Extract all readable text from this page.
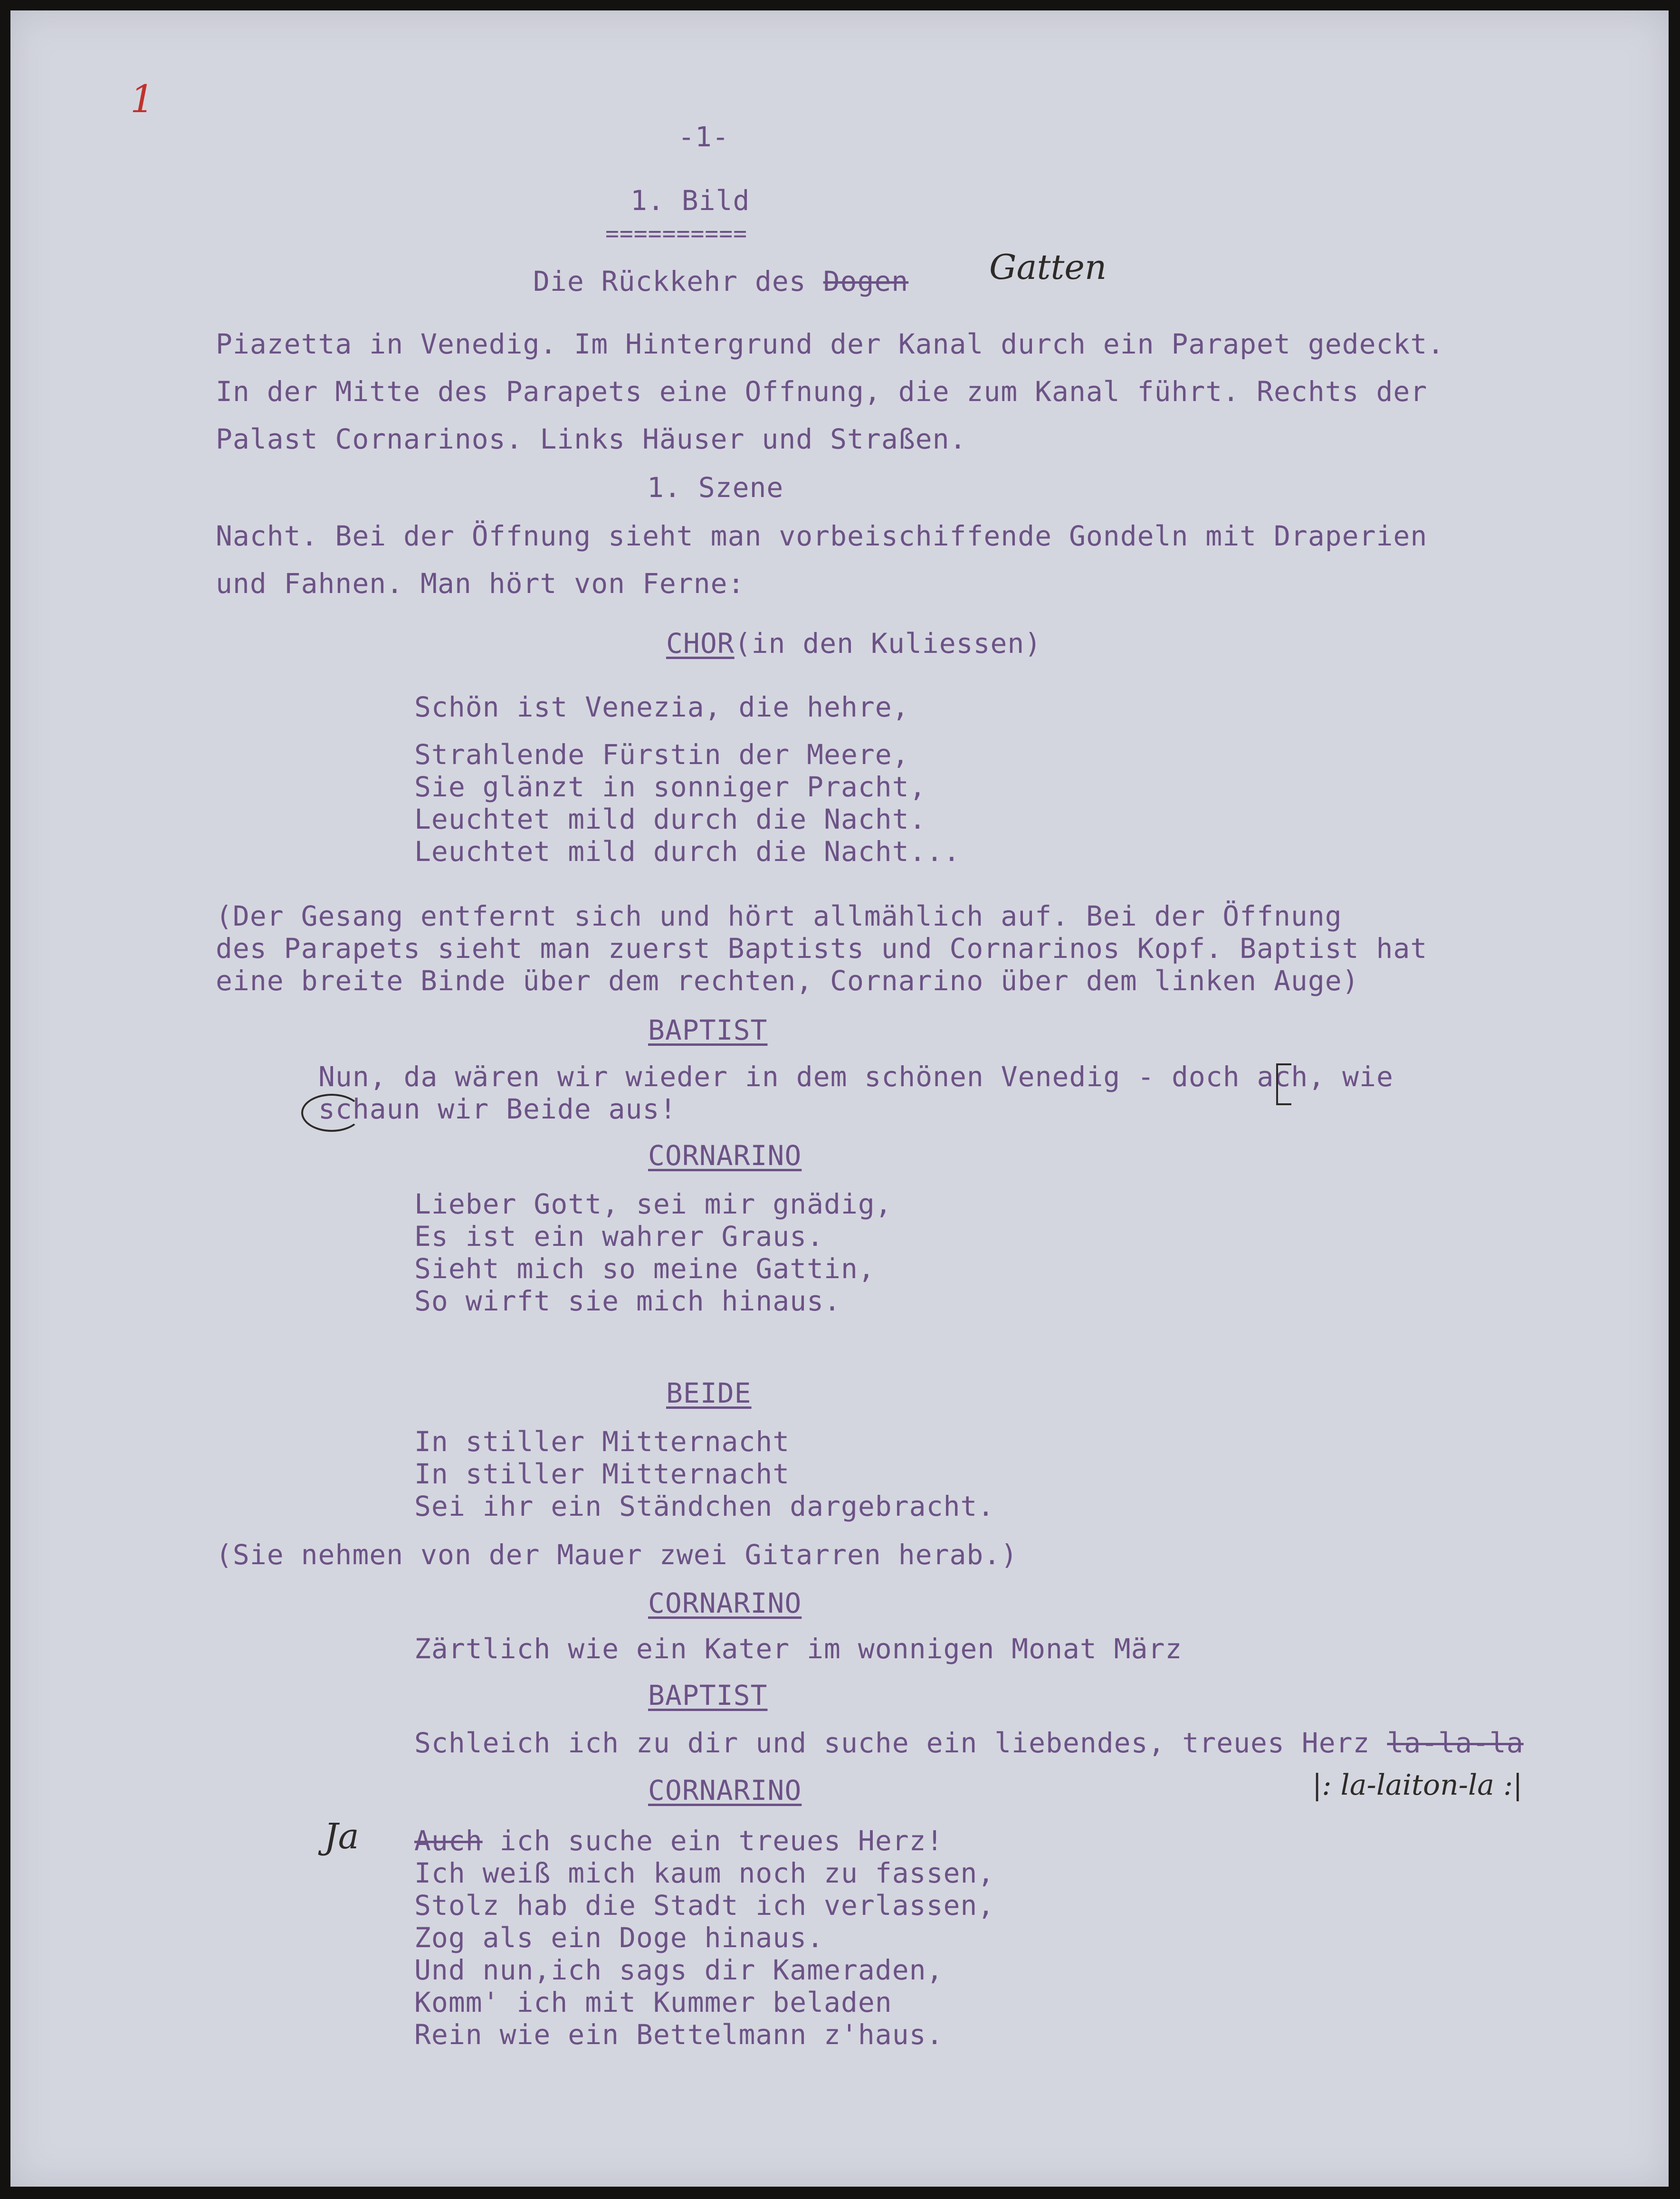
1
-1-
1. Bild
==========
Die Rückkehr des Dogen Gatten
Piazetta in Venedig. Im Hintergrund der Kanal durch ein Parapet gedeckt.
In der Mitte des Parapets eine Offnung, die zum Kanal führt. Rechts der
Palast Cornarinos. Links Häuser und Straßen.
1. Szene
Nacht. Bei der Öffnung sieht man vorbeischiffende Gondeln mit Draperien
und Fahnen. Man hört von Ferne:
CHOR(in den Kuliessen)
Schön ist Venezia, die hehre,
Strahlende Fürstin der Meere,
Sie glänzt in sonniger Pracht,
Leuchtet mild durch die Nacht.
Leuchtet mild durch die Nacht...
(Der Gesang entfernt sich und hört allmählich auf. Bei der Öffnung
des Parapets sieht man zuerst Baptists und Cornarinos Kopf. Baptist hat
eine breite Binde über dem rechten, Cornarino über dem linken Auge)
BAPTIST
Nun, da wären wir wieder in dem schönen Venedig - doch ach, wie
schaun wir Beide aus!
CORNARINO
Lieber Gott, sei mir gnädig,
Es ist ein wahrer Graus.
Sieht mich so meine Gattin,
So wirft sie mich hinaus.
BEIDE
In stiller Mitternacht
In stiller Mitternacht
Sei ihr ein Ständchen dargebracht.
(Sie nehmen von der Mauer zwei Gitarren herab.)
CORNARINO
Zärtlich wie ein Kater im wonnigen Monat März
BAPTIST
Schleich ich zu dir und suche ein liebendes, treues Herz la-la-la
|: la-laiton-la :|
CORNARINO
Ja Auch ich suche ein treues Herz!
Ich weiß mich kaum noch zu fassen,
Stolz hab die Stadt ich verlassen,
Zog als ein Doge hinaus.
Und nun,ich sags dir Kameraden,
Komm' ich mit Kummer beladen
Rein wie ein Bettelmann z'haus.
